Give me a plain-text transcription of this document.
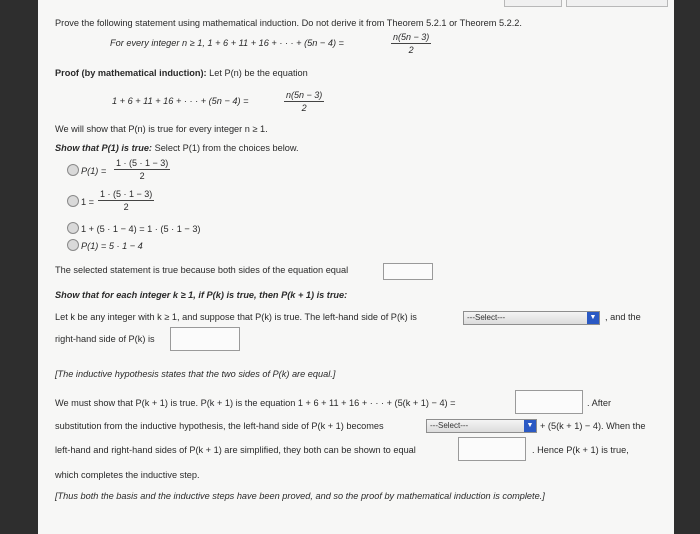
Prove the following statement using mathematical induction. Do not derive it from Theorem 5.2.1 or Theorem 5.2.2.
For every integer n ≥ 1, 1 + 6 + 11 + 16 + · · · + (5n − 4) =	$\frac{n(5n - 3)}{2}$
Proof (by mathematical induction): Let P(n) be the equation
1 + 6 + 11 + 16 + · · · + (5n − 4) =	$\frac{n(5n - 3)}{2}$
We will show that P(n) is true for every integer n ≥ 1.
Show that P(1) is true: Select P(1) from the choices below.
$P(1) = \frac{1 \cdot (5 \cdot 1 - 3)}{2}$
$1 = \frac{1 \cdot (5 \cdot 1 - 3)}{2}$
1 + (5 · 1 − 4) = 1 · (5 · 1 − 3)
P(1) = 5 · 1 − 4
The selected statement is true because both sides of the equation equal
Show that for each integer k ≥ 1, if P(k) is true, then P(k + 1) is true:
Let k be any integer with k ≥ 1, and suppose that P(k) is true. The left-hand side of P(k) is	---Select---	▼ , and the
right-hand side of P(k) is
[The inductive hypothesis states that the two sides of P(k) are equal.]
We must show that P(k + 1) is true. P(k + 1) is the equation 1 + 6 + 11 + 16 + · · · + (5(k + 1) − 4) =	. After
substitution from the inductive hypothesis, the left-hand side of P(k + 1) becomes	---Select---	▼ + (5(k + 1) − 4). When the
left-hand and right-hand sides of P(k + 1) are simplified, they both can be shown to equal	. Hence P(k + 1) is true,
which completes the inductive step.
[Thus both the basis and the inductive steps have been proved, and so the proof by mathematical induction is complete.]
